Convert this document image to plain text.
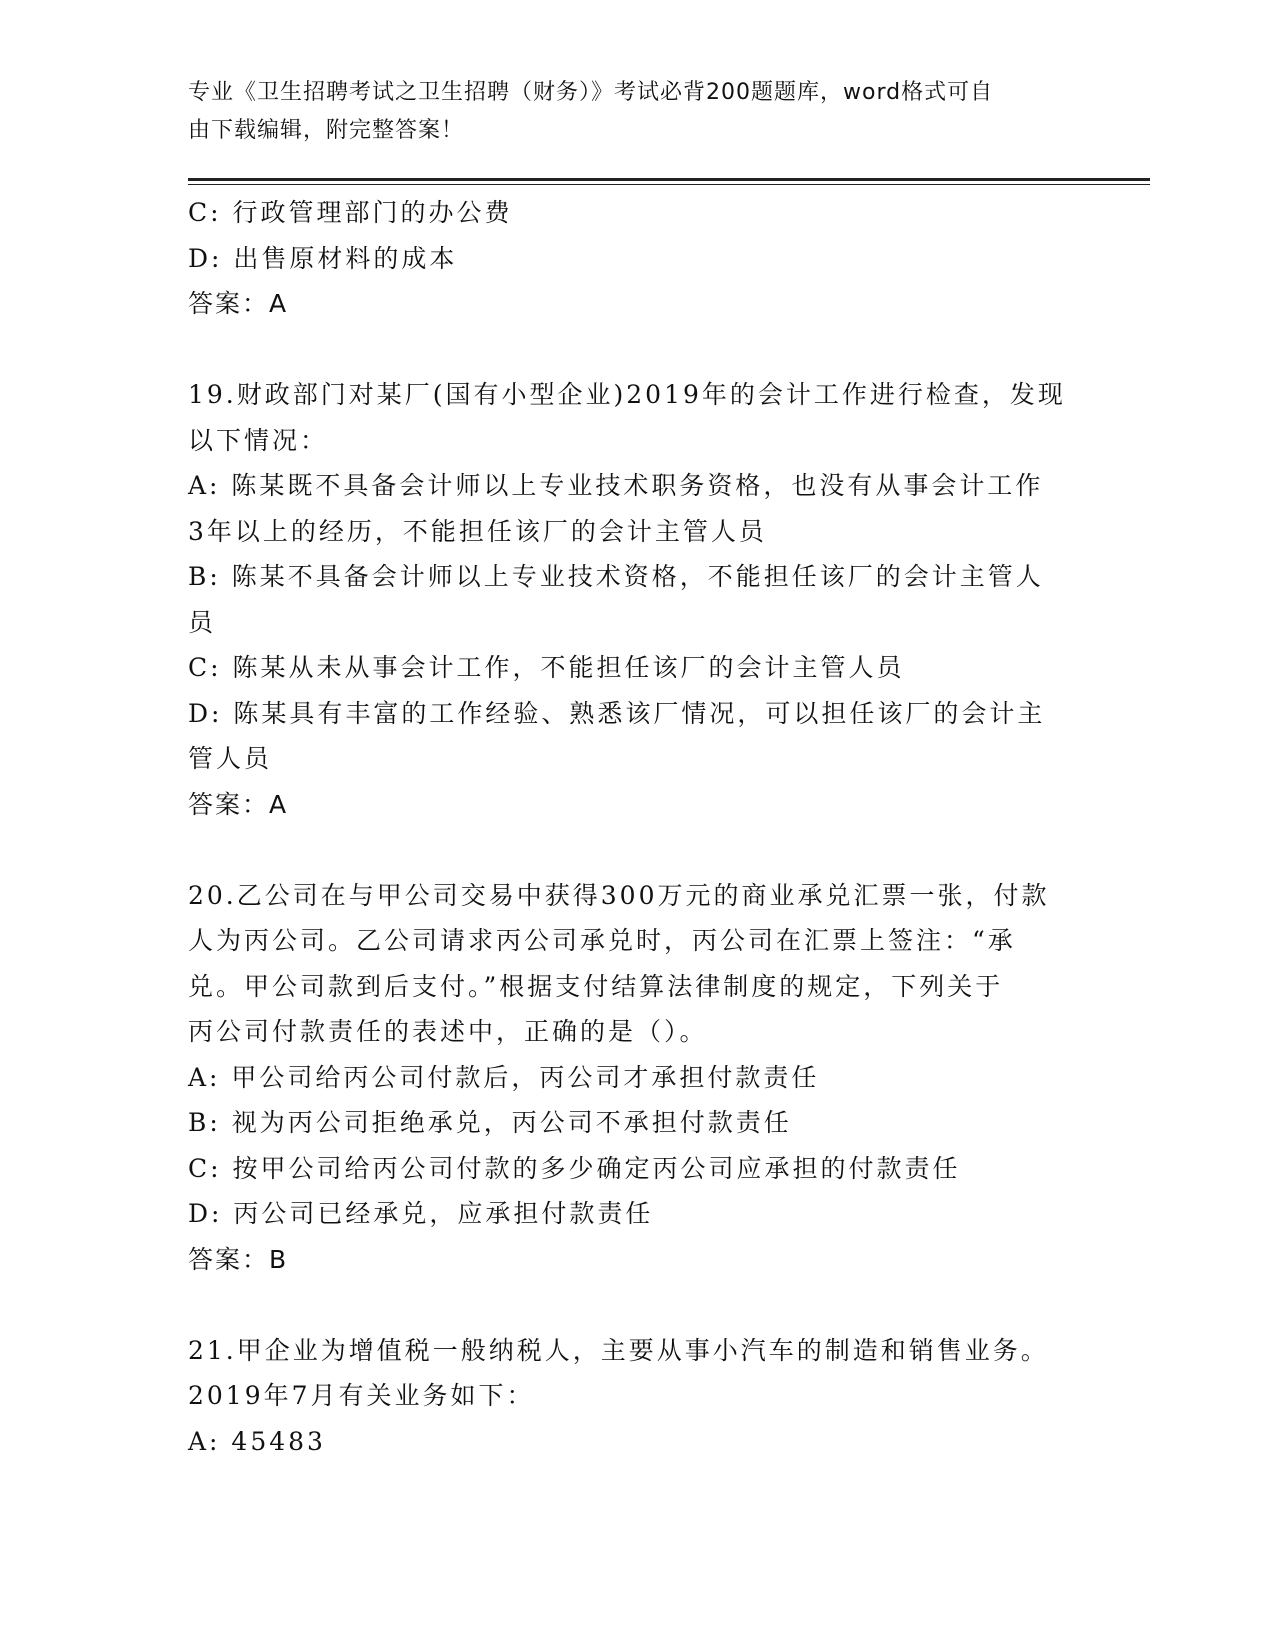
专业《卫生招聘考试之卫生招聘（财务）》考试必背200题题库，word格式可自
由下载编辑，附完整答案！
C: 行政管理部门的办公费
D: 出售原材料的成本
答案：A
19.财政部门对某厂(国有小型企业)2019年的会计工作进行检查，发现
以下情况：
A: 陈某既不具备会计师以上专业技术职务资格，也没有从事会计工作
3年以上的经历，不能担任该厂的会计主管人员
B: 陈某不具备会计师以上专业技术资格，不能担任该厂的会计主管人
员
C: 陈某从未从事会计工作，不能担任该厂的会计主管人员
D: 陈某具有丰富的工作经验、熟悉该厂情况，可以担任该厂的会计主
管人员
答案：A
20.乙公司在与甲公司交易中获得300万元的商业承兑汇票一张，付款
人为丙公司。乙公司请求丙公司承兑时，丙公司在汇票上签注：“承
兑。甲公司款到后支付。”根据支付结算法律制度的规定，下列关于
丙公司付款责任的表述中，正确的是（）。
A: 甲公司给丙公司付款后，丙公司才承担付款责任
B: 视为丙公司拒绝承兑，丙公司不承担付款责任
C: 按甲公司给丙公司付款的多少确定丙公司应承担的付款责任
D: 丙公司已经承兑，应承担付款责任
答案：B
21.甲企业为增值税一般纳税人，主要从事小汽车的制造和销售业务。
2019年7月有关业务如下：
A: 45483
